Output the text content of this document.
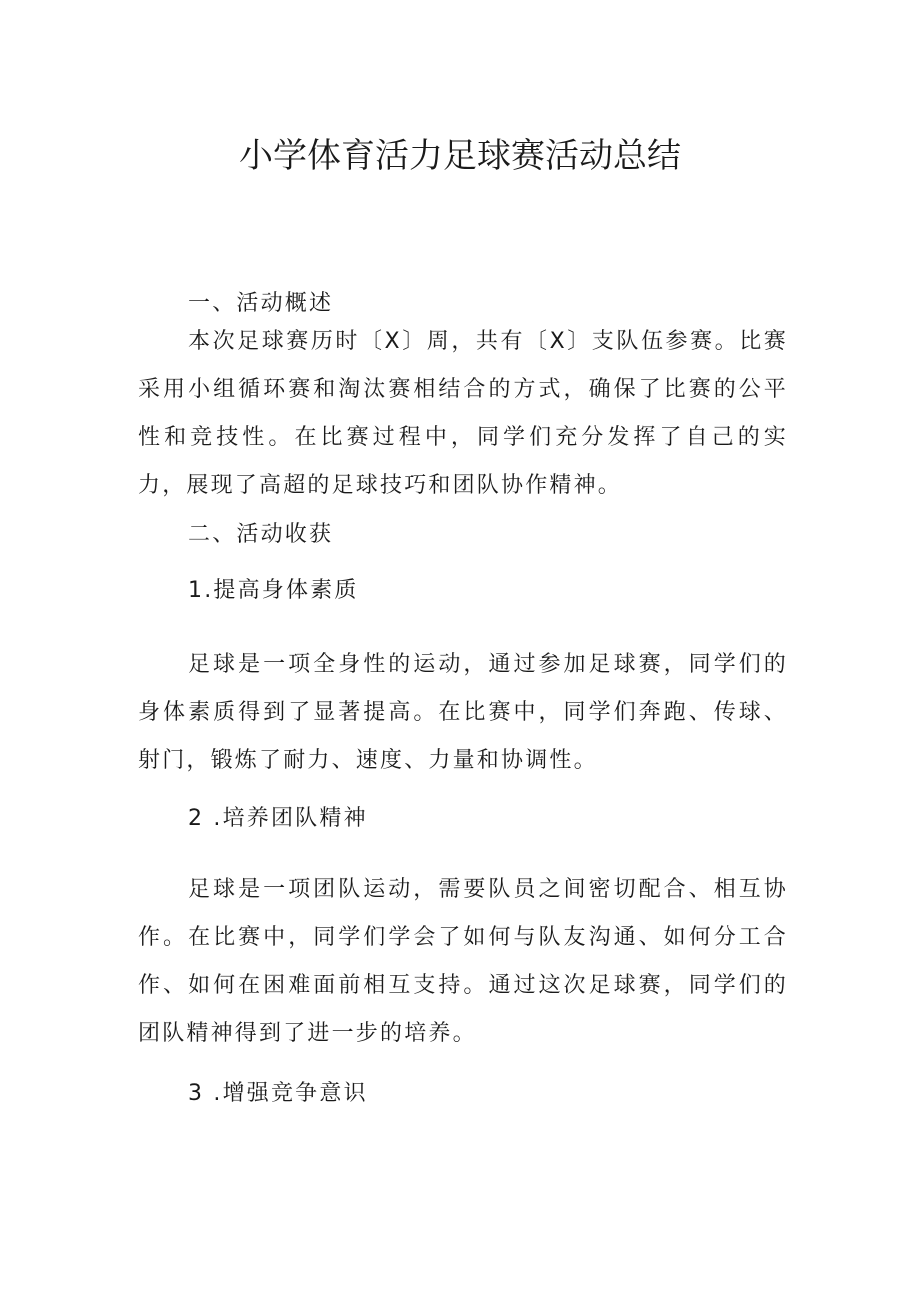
小学体育活力足球赛活动总结

一、活动概述

本次足球赛历时〔X〕周，共有〔X〕支队伍参赛。比赛采用小组循环赛和淘汰赛相结合的方式，确保了比赛的公平性和竞技性。在比赛过程中，同学们充分发挥了自己的实力，展现了高超的足球技巧和团队协作精神。

二、活动收获

1.提高身体素质

足球是一项全身性的运动，通过参加足球赛，同学们的身体素质得到了显著提高。在比赛中，同学们奔跑、传球、射门，锻炼了耐力、速度、力量和协调性。

2 .培养团队精神

足球是一项团队运动，需要队员之间密切配合、相互协作。在比赛中，同学们学会了如何与队友沟通、如何分工合作、如何在困难面前相互支持。通过这次足球赛，同学们的团队精神得到了进一步的培养。

3 .增强竞争意识
